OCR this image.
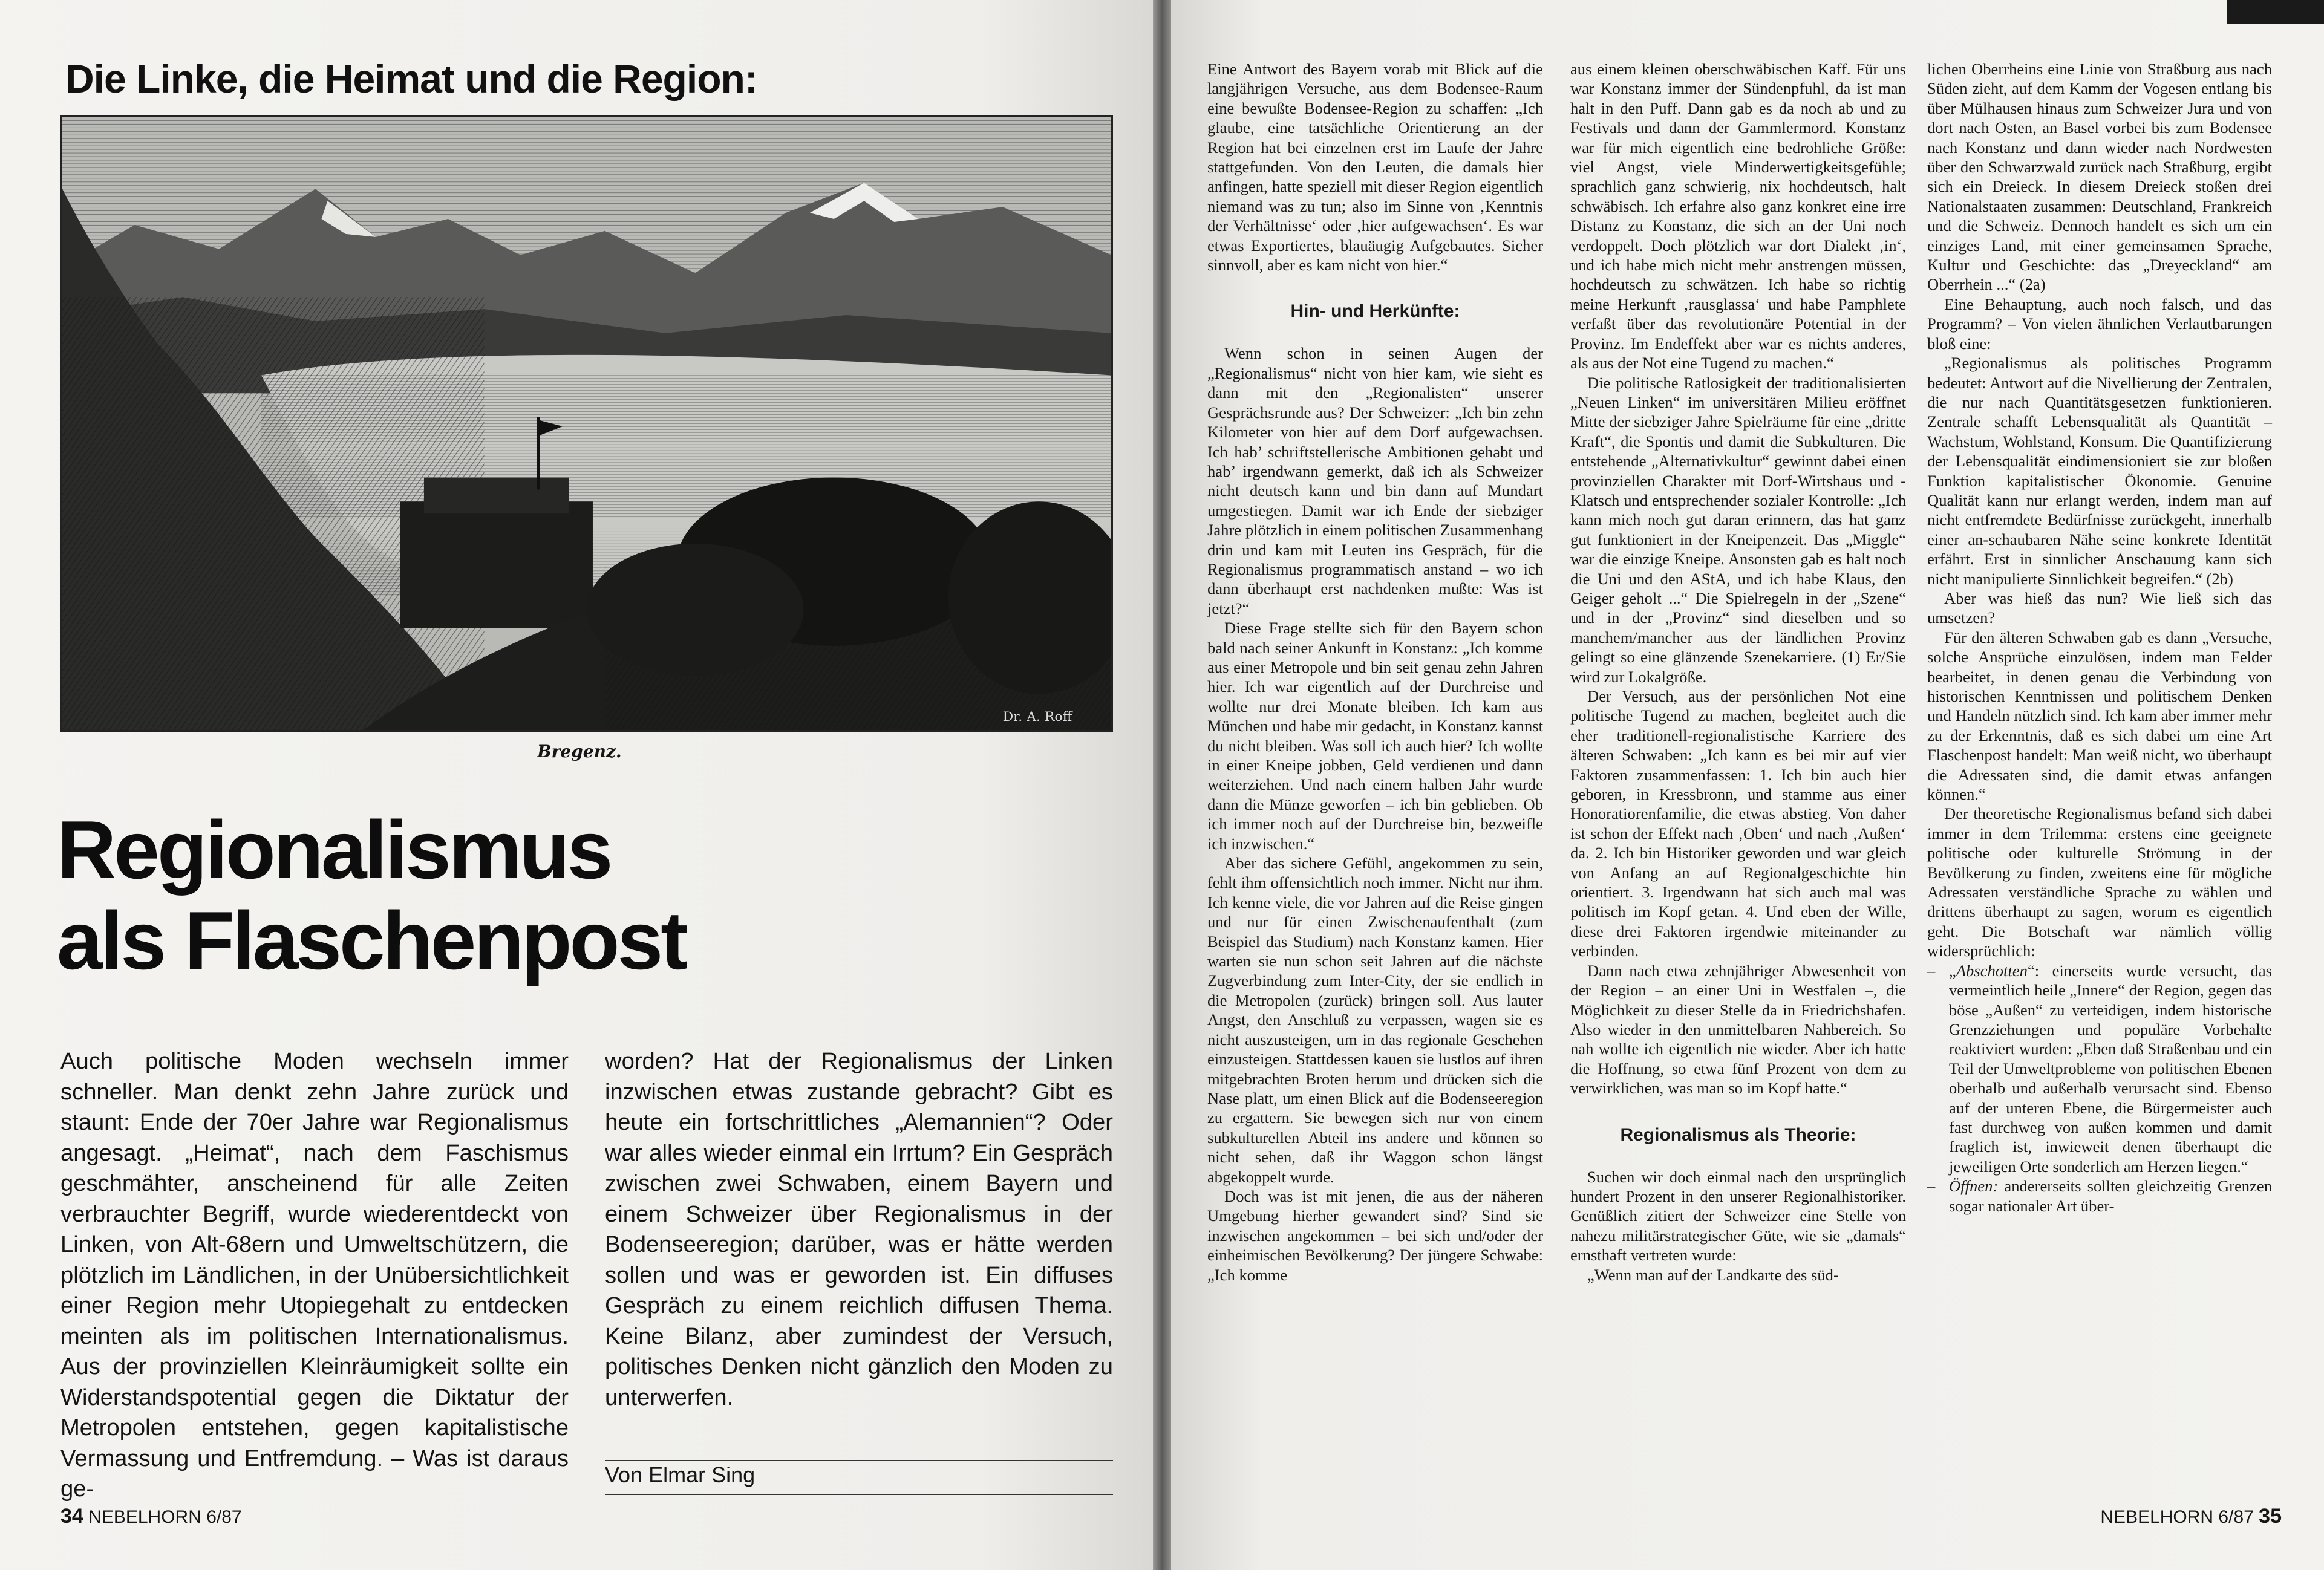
Die Linke, die Heimat und die Region:
Dr. A. Roff
Bregenz.
Regionalismus
als Flaschenpost
Auch politische Moden wechseln immer schneller. Man denkt zehn Jahre zurück und staunt: Ende der 70er Jahre war Regionalismus angesagt. „Heimat“, nach dem Faschismus geschmähter, anscheinend für alle Zeiten verbrauchter Begriff, wurde wiederentdeckt von Linken, von Alt-68ern und Umweltschützern, die plötzlich im Ländlichen, in der Unübersichtlichkeit einer Region mehr Utopiegehalt zu entdecken meinten als im politischen Internationalismus. Aus der provinziellen Kleinräumigkeit sollte ein Widerstandspotential gegen die Diktatur der Metropolen entstehen, gegen kapitalistische Vermassung und Entfremdung. – Was ist daraus ge-
worden? Hat der Regionalismus der Linken inzwischen etwas zustande gebracht? Gibt es heute ein fortschrittliches „Alemannien“? Oder war alles wieder einmal ein Irrtum? Ein Gespräch zwischen zwei Schwaben, einem Bayern und einem Schweizer über Regionalismus in der Bodenseeregion; darüber, was er hätte werden sollen und was er geworden ist. Ein diffuses Gespräch zu einem reichlich diffusen Thema. Keine Bilanz, aber zumindest der Versuch, politisches Denken nicht gänzlich den Moden zu unterwerfen.
Von Elmar Sing
34 NEBELHORN 6/87

Eine Antwort des Bayern vorab mit Blick auf die langjährigen Versuche, aus dem Bodensee-Raum eine bewußte Bodensee-Region zu schaffen: „Ich glaube, eine tatsächliche Orientierung an der Region hat bei einzelnen erst im Laufe der Jahre stattgefunden. Von den Leuten, die damals hier anfingen, hatte speziell mit dieser Region eigentlich niemand was zu tun; also im Sinne von ‚Kenntnis der Verhältnisse‘ oder ‚hier aufgewachsen‘. Es war etwas Exportiertes, blauäugig Aufgebautes. Sicher sinnvoll, aber es kam nicht von hier.“

Hin- und Herkünfte:

Wenn schon in seinen Augen der „Regionalismus“ nicht von hier kam, wie sieht es dann mit den „Regionalisten“ unserer Gesprächsrunde aus? Der Schweizer: „Ich bin zehn Kilometer von hier auf dem Dorf aufgewachsen. Ich hab’ schriftstellerische Ambitionen gehabt und hab’ irgendwann gemerkt, daß ich als Schweizer nicht deutsch kann und bin dann auf Mundart umgestiegen. Damit war ich Ende der siebziger Jahre plötzlich in einem politischen Zusammenhang drin und kam mit Leuten ins Gespräch, für die Regionalismus programmatisch anstand – wo ich dann überhaupt erst nachdenken mußte: Was ist jetzt?“

Diese Frage stellte sich für den Bayern schon bald nach seiner Ankunft in Konstanz: „Ich komme aus einer Metropole und bin seit genau zehn Jahren hier. Ich war eigentlich auf der Durchreise und wollte nur drei Monate bleiben. Ich kam aus München und habe mir gedacht, in Konstanz kannst du nicht bleiben. Was soll ich auch hier? Ich wollte in einer Kneipe jobben, Geld verdienen und dann weiterziehen. Und nach einem halben Jahr wurde dann die Münze geworfen – ich bin geblieben. Ob ich immer noch auf der Durchreise bin, bezweifle ich inzwischen.“

Aber das sichere Gefühl, angekommen zu sein, fehlt ihm offensichtlich noch immer. Nicht nur ihm. Ich kenne viele, die vor Jahren auf die Reise gingen und nur für einen Zwischenaufenthalt (zum Beispiel das Studium) nach Konstanz kamen. Hier warten sie nun schon seit Jahren auf die nächste Zugverbindung zum Inter-City, der sie endlich in die Metropolen (zurück) bringen soll. Aus lauter Angst, den Anschluß zu verpassen, wagen sie es nicht auszusteigen, um in das regionale Geschehen einzusteigen. Stattdessen kauen sie lustlos auf ihren mitgebrachten Broten herum und drücken sich die Nase platt, um einen Blick auf die Bodenseeregion zu ergattern. Sie bewegen sich nur von einem subkulturellen Abteil ins andere und können so nicht sehen, daß ihr Waggon schon längst abgekoppelt wurde.

Doch was ist mit jenen, die aus der näheren Umgebung hierher gewandert sind? Sind sie inzwischen angekommen – bei sich und/oder der einheimischen Bevölkerung? Der jüngere Schwabe: „Ich komme

aus einem kleinen oberschwäbischen Kaff. Für uns war Konstanz immer der Sündenpfuhl, da ist man halt in den Puff. Dann gab es da noch ab und zu Festivals und dann der Gammlermord. Konstanz war für mich eigentlich eine bedrohliche Größe: viel Angst, viele Minderwertigkeitsgefühle; sprachlich ganz schwierig, nix hochdeutsch, halt schwäbisch. Ich erfahre also ganz konkret eine irre Distanz zu Konstanz, die sich an der Uni noch verdoppelt. Doch plötzlich war dort Dialekt ‚in‘, und ich habe mich nicht mehr anstrengen müssen, hochdeutsch zu schwätzen. Ich habe so richtig meine Herkunft ‚rausglassa‘ und habe Pamphlete verfaßt über das revolutionäre Potential in der Provinz. Im Endeffekt aber war es nichts anderes, als aus der Not eine Tugend zu machen.“

Die politische Ratlosigkeit der traditionalisierten „Neuen Linken“ im universitären Milieu eröffnet Mitte der siebziger Jahre Spielräume für eine „dritte Kraft“, die Spontis und damit die Subkulturen. Die entstehende „Alternativkultur“ gewinnt dabei einen provinziellen Charakter mit Dorf-Wirtshaus und -Klatsch und entsprechender sozialer Kontrolle: „Ich kann mich noch gut daran erinnern, das hat ganz gut funktioniert in der Kneipenzeit. Das „Miggle“ war die einzige Kneipe. Ansonsten gab es halt noch die Uni und den AStA, und ich habe Klaus, den Geiger geholt ...“ Die Spielregeln in der „Szene“ und in der „Provinz“ sind dieselben und so manchem/mancher aus der ländlichen Provinz gelingt so eine glänzende Szenekarriere. (1) Er/Sie wird zur Lokalgröße.

Der Versuch, aus der persönlichen Not eine politische Tugend zu machen, begleitet auch die eher traditionell-regionalistische Karriere des älteren Schwaben: „Ich kann es bei mir auf vier Faktoren zusammenfassen: 1. Ich bin auch hier geboren, in Kressbronn, und stamme aus einer Honoratiorenfamilie, die etwas abstieg. Von daher ist schon der Effekt nach ‚Oben‘ und nach ‚Außen‘ da. 2. Ich bin Historiker geworden und war gleich von Anfang an auf Regionalgeschichte hin orientiert. 3. Irgendwann hat sich auch mal was politisch im Kopf getan. 4. Und eben der Wille, diese drei Faktoren irgendwie miteinander zu verbinden.

Dann nach etwa zehnjähriger Abwesenheit von der Region – an einer Uni in Westfalen –, die Möglichkeit zu dieser Stelle da in Friedrichshafen. Also wieder in den unmittelbaren Nahbereich. So nah wollte ich eigentlich nie wieder. Aber ich hatte die Hoffnung, so etwa fünf Prozent von dem zu verwirklichen, was man so im Kopf hatte.“

Regionalismus als Theorie:

Suchen wir doch einmal nach den ursprünglich hundert Prozent in den unserer Regionalhistoriker. Genüßlich zitiert der Schweizer eine Stelle von nahezu militärstrategischer Güte, wie sie „damals“ ernsthaft vertreten wurde:

„Wenn man auf der Landkarte des süd-

lichen Oberrheins eine Linie von Straßburg aus nach Süden zieht, auf dem Kamm der Vogesen entlang bis über Mülhausen hinaus zum Schweizer Jura und von dort nach Osten, an Basel vorbei bis zum Bodensee nach Konstanz und dann wieder nach Nordwesten über den Schwarzwald zurück nach Straßburg, ergibt sich ein Dreieck. In diesem Dreieck stoßen drei Nationalstaaten zusammen: Deutschland, Frankreich und die Schweiz. Dennoch handelt es sich um ein einziges Land, mit einer gemeinsamen Sprache, Kultur und Geschichte: das „Dreyeckland“ am Oberrhein ...“ (2a)

Eine Behauptung, auch noch falsch, und das Programm? – Von vielen ähnlichen Verlautbarungen bloß eine:

„Regionalismus als politisches Programm bedeutet: Antwort auf die Nivellierung der Zentralen, die nur nach Quantitätsgesetzen funktionieren. Zentrale schafft Lebensqualität als Quantität – Wachstum, Wohlstand, Konsum. Die Quantifizierung der Lebensqualität eindimensioniert sie zur bloßen Funktion kapitalistischer Ökonomie. Genuine Qualität kann nur erlangt werden, indem man auf nicht entfremdete Bedürfnisse zurückgeht, innerhalb einer an-schaubaren Nähe seine konkrete Identität erfährt. Erst in sinnlicher Anschauung kann sich nicht manipulierte Sinnlichkeit begreifen.“ (2b)

Aber was hieß das nun? Wie ließ sich das umsetzen?

Für den älteren Schwaben gab es dann „Versuche, solche Ansprüche einzulösen, indem man Felder bearbeitet, in denen genau die Verbindung von historischen Kenntnissen und politischem Denken und Handeln nützlich sind. Ich kam aber immer mehr zu der Erkenntnis, daß es sich dabei um eine Art Flaschenpost handelt: Man weiß nicht, wo überhaupt die Adressaten sind, die damit etwas anfangen können.“

Der theoretische Regionalismus befand sich dabei immer in dem Trilemma: erstens eine geeignete politische oder kulturelle Strömung in der Bevölkerung zu finden, zweitens eine für mögliche Adressaten verständliche Sprache zu wählen und drittens überhaupt zu sagen, worum es eigentlich geht. Die Botschaft war nämlich völlig widersprüchlich:

– „Abschotten“: einerseits wurde versucht, das vermeintlich heile „Innere“ der Region, gegen das böse „Außen“ zu verteidigen, indem historische Grenzziehungen und populäre Vorbehalte reaktiviert wurden: „Eben daß Straßenbau und ein Teil der Umweltprobleme von politischen Ebenen oberhalb und außerhalb verursacht sind. Ebenso auf der unteren Ebene, die Bürgermeister auch fast durchweg von außen kommen und damit fraglich ist, inwieweit denen überhaupt die jeweiligen Orte sonderlich am Herzen liegen.“

– Öffnen: andererseits sollten gleichzeitig Grenzen sogar nationaler Art über-

NEBELHORN 6/87 35
